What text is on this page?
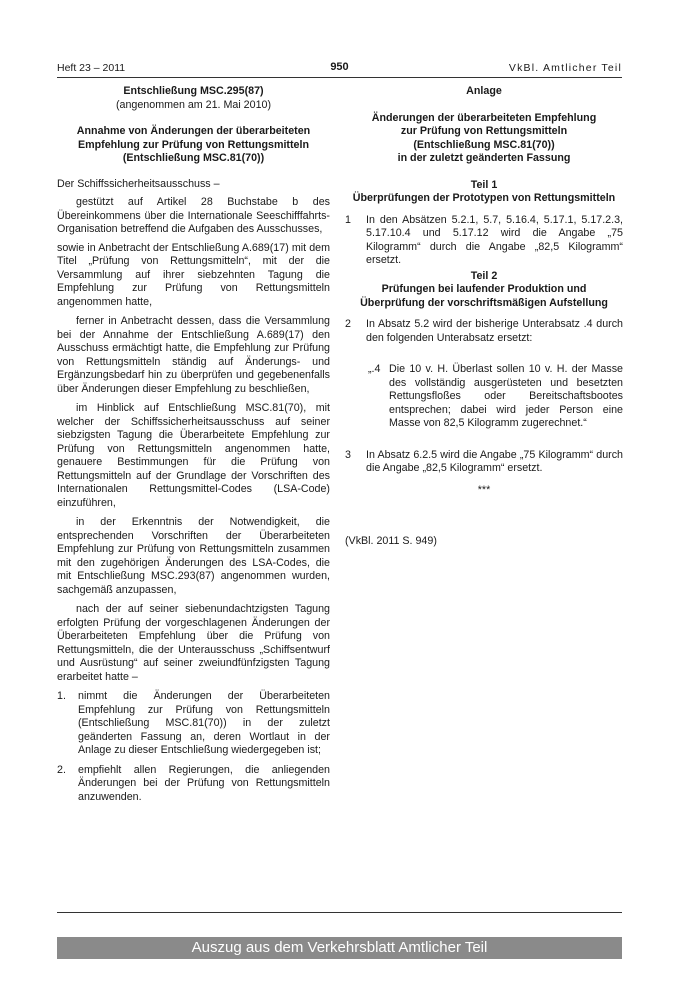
Heft 23 – 2011	950	VkBl. Amtlicher Teil

Entschließung MSC.295(87)

(angenommen am 21. Mai 2010)

Annahme von Änderungen der überarbeiteten

Empfehlung zur Prüfung von Rettungsmitteln

(Entschließung MSC.81(70))

Der Schiffssicherheitsausschuss –

gestützt auf Artikel 28 Buchstabe b des Übereinkommens über die Internationale Seeschifffahrts-Organisation betreffend die Aufgaben des Ausschusses,

sowie in Anbetracht der Entschließung A.689(17) mit dem Titel „Prüfung von Rettungsmitteln“, mit der die Versammlung auf ihrer siebzehnten Tagung die Empfehlung zur Prüfung von Rettungsmitteln angenommen hatte,

ferner in Anbetracht dessen, dass die Versammlung bei der Annahme der Entschließung A.689(17) den Ausschuss ermächtigt hatte, die Empfehlung zur Prüfung von Rettungsmitteln ständig auf Änderungs- und Ergänzungsbedarf hin zu überprüfen und gegebenenfalls über Änderungen dieser Empfehlung zu beschließen,

im Hinblick auf Entschließung MSC.81(70), mit welcher der Schiffssicherheitsausschuss auf seiner siebzigsten Tagung die Überarbeitete Empfehlung zur Prüfung von Rettungsmitteln angenommen hatte, genauere Bestimmungen für die Prüfung von Rettungsmitteln auf der Grundlage der Vorschriften des Internationalen Rettungsmittel-Codes (LSA-Code) einzuführen,

in der Erkenntnis der Notwendigkeit, die entsprechenden Vorschriften der Überarbeiteten Empfehlung zur Prüfung von Rettungsmitteln zusammen mit den zugehörigen Änderungen des LSA-Codes, die mit Entschließung MSC.293(87) angenommen wurden, sachgemäß anzupassen,

nach der auf seiner siebenundachtzigsten Tagung erfolgten Prüfung der vorgeschlagenen Änderungen der Überarbeiteten Empfehlung über die Prüfung von Rettungsmitteln, die der Unterausschuss „Schiffsentwurf und Ausrüstung“ auf seiner zweiundfünfzigsten Tagung erarbeitet hatte –

1.	nimmt die Änderungen der Überarbeiteten Empfehlung zur Prüfung von Rettungsmitteln (Entschließung MSC.81(70)) in der zuletzt geänderten Fassung an, deren Wortlaut in der Anlage zu dieser Entschließung wiedergegeben ist;
2.	empfiehlt allen Regierungen, die anliegenden Änderungen bei der Prüfung von Rettungsmitteln anzuwenden.

Anlage

Änderungen der überarbeiteten Empfehlung

zur Prüfung von Rettungsmitteln

(Entschließung MSC.81(70))

in der zuletzt geänderten Fassung

Teil 1

Überprüfungen der Prototypen von Rettungsmitteln

1	In den Absätzen 5.2.1, 5.7, 5.16.4, 5.17.1, 5.17.2.3, 5.17.10.4 und 5.17.12 wird die Angabe „75 Kilogramm“ durch die Angabe „82,5 Kilogramm“ ersetzt.

Teil 2

Prüfungen bei laufender Produktion und

Überprüfung der vorschriftsmäßigen Aufstellung

2	In Absatz 5.2 wird der bisherige Unterabsatz .4 durch den folgenden Unterabsatz ersetzt:
„.4 Die 10 v. H. Überlast sollen 10 v. H. der Masse des vollständig ausgerüsteten und besetzten Rettungsfloßes oder Bereitschaftsbootes entsprechen; dabei wird jeder Person eine Masse von 82,5 Kilogramm zugerechnet.“
3	In Absatz 6.2.5 wird die Angabe „75 Kilogramm“ durch die Angabe „82,5 Kilogramm“ ersetzt.

***

(VkBl. 2011 S. 949)

Auszug aus dem Verkehrsblatt Amtlicher Teil
